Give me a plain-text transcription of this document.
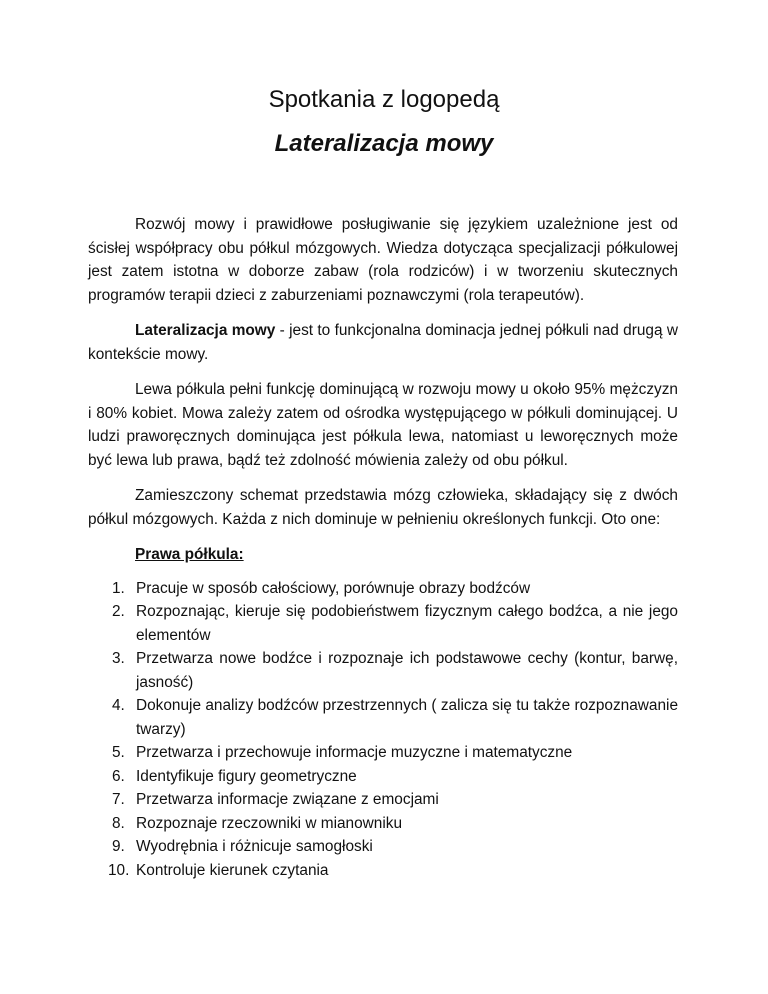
Spotkania z logopedą
Lateralizacja mowy

Rozwój mowy i prawidłowe posługiwanie się językiem uzależnione jest od ścisłej współpracy obu półkul mózgowych. Wiedza dotycząca specjalizacji półkulowej jest zatem istotna w doborze zabaw (rola rodziców) i w tworzeniu skutecznych programów terapii dzieci z zaburzeniami poznawczymi (rola terapeutów).

Lateralizacja mowy - jest to funkcjonalna dominacja jednej półkuli nad drugą w kontekście mowy.

Lewa półkula pełni funkcję dominującą w rozwoju mowy u około 95% mężczyzn i 80% kobiet. Mowa zależy zatem od ośrodka występującego w półkuli dominującej. U ludzi praworęcznych dominująca jest półkula lewa, natomiast u leworęcznych może być lewa lub prawa, bądź też zdolność mówienia zależy od obu półkul.

Zamieszczony schemat przedstawia mózg człowieka, składający się z dwóch półkul mózgowych. Każda z nich dominuje w pełnieniu określonych funkcji. Oto one:

Prawa półkula:
1. Pracuje w sposób całościowy, porównuje obrazy bodźców
2. Rozpoznając, kieruje się podobieństwem fizycznym całego bodźca, a nie jego elementów
3. Przetwarza nowe bodźce i rozpoznaje ich podstawowe cechy (kontur, barwę, jasność)
4. Dokonuje analizy bodźców przestrzennych ( zalicza się tu także rozpoznawanie twarzy)
5. Przetwarza i przechowuje informacje muzyczne i matematyczne
6. Identyfikuje figury geometryczne
7. Przetwarza informacje związane z emocjami
8. Rozpoznaje rzeczowniki w mianowniku
9. Wyodrębnia i różnicuje samogłoski
10. Kontroluje kierunek czytania
